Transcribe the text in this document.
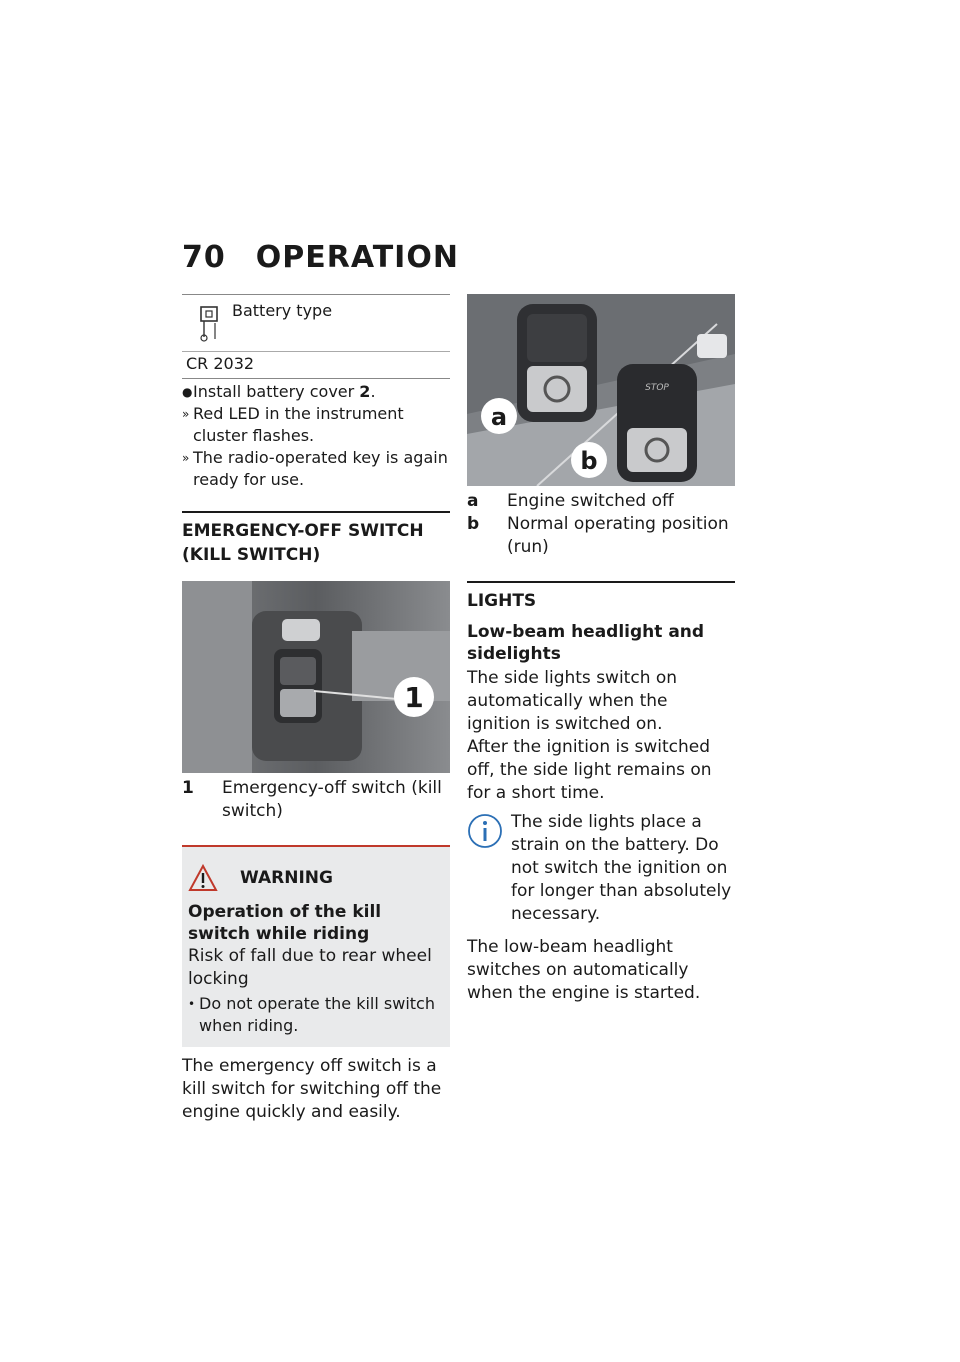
70 OPERATION
Battery type
CR 2032
● Install battery cover 2.
» Red LED in the instrument cluster flashes.
» The radio-operated key is again ready for use.
EMERGENCY-OFF SWITCH (KILL SWITCH)
1
1	Emergency-off switch (kill switch)
WARNING
Operation of the kill switch while riding

Risk of fall due to rear wheel locking

• Do not operate the kill switch when riding.

The emergency off switch is a kill switch for switching off the engine quickly and easily.

STOP
a
b
a	Engine switched off
b	Normal operating position (run)
LIGHTS
Low-beam headlight and sidelights

The side lights switch on automatically when the ignition is switched on.

After the ignition is switched off, the side light remains on for a short time.

The side lights place a strain on the battery. Do not switch the ignition on for longer than absolutely necessary.

The low-beam headlight switches on automatically when the engine is started.
